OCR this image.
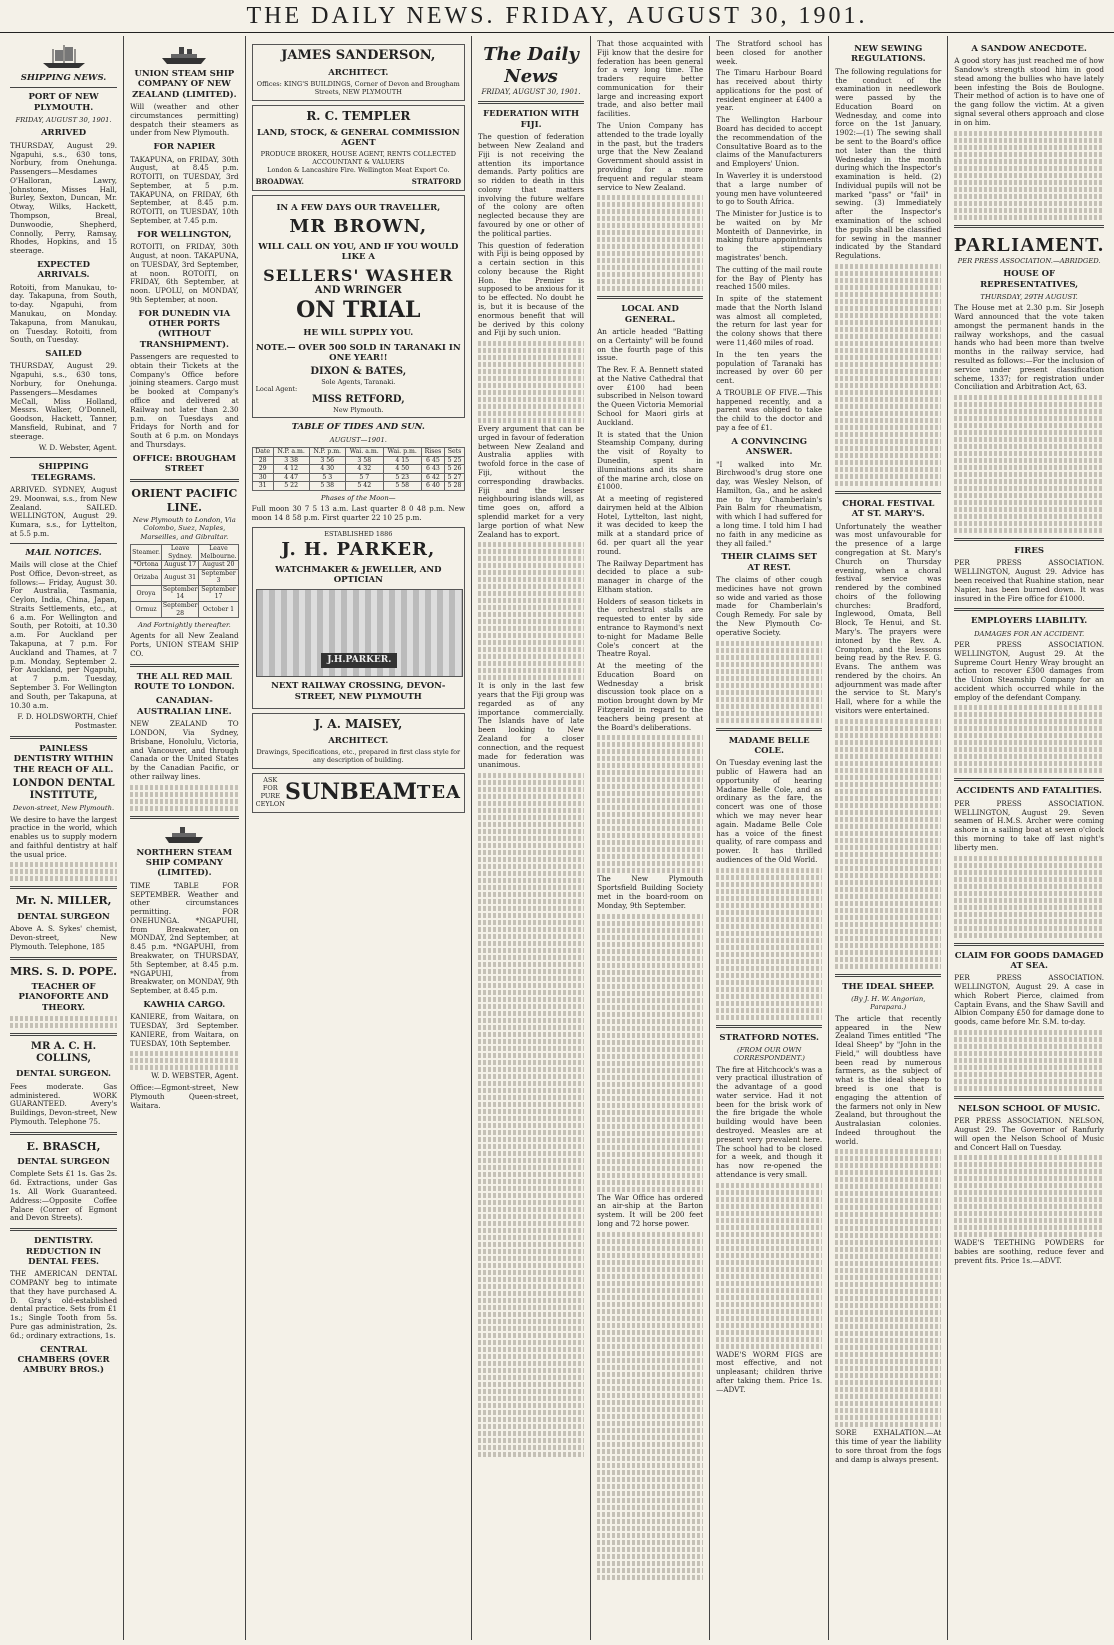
THE DAILY NEWS. FRIDAY, AUGUST 30, 1901.
SHIPPING NEWS.
PORT OF NEW PLYMOUTH.
FRIDAY, AUGUST 30, 1901.
ARRIVED

THURSDAY, August 29. Ngapuhi, s.s., 630 tons, Norbury, from Onehunga. Passengers—Mesdames O'Halloran, Lawry, Johnstone, Misses Hall, Burley, Sexton, Duncan, Mr. Otway, Wilks, Hackett, Thompson, Breal, Dunwoodie, Shepherd, Connolly, Perry, Ramsay, Rhodes, Hopkins, and 15 steerage.

EXPECTED ARRIVALS.

Rotoiti, from Manukau, to-day. Takapuna, from South, to-day. Ngapuhi, from Manukau, on Monday. Takapuna, from Manukau, on Tuesday. Rotoiti, from South, on Tuesday.

SAILED

THURSDAY, August 29. Ngapuhi, s.s., 630 tons, Norbury, for Onehunga. Passengers—Mesdames McCall, Miss Holland, Messrs. Walker, O'Donnell, Goodson, Hackett, Tanner, Mansfield, Rubinat, and 7 steerage.

W. D. Webster, Agent.

SHIPPING TELEGRAMS.

ARRIVED. SYDNEY, August 29. Moonwai, s.s., from New Zealand. SAILED. WELLINGTON, August 29. Kumara, s.s., for Lyttelton, at 5.5 p.m.

MAIL NOTICES.

Mails will close at the Chief Post Office, Devon-street, as follows:— Friday, August 30. For Australia, Tasmania, Ceylon, India, China, Japan, Straits Settlements, etc., at 6 a.m. For Wellington and South, per Rotoiti, at 10.30 a.m. For Auckland per Takapuna, at 7 p.m. For Auckland and Thames, at 7 p.m. Monday, September 2. For Auckland, per Ngapuhi, at 7 p.m. Tuesday, September 3. For Wellington and South, per Takapuna, at 10.30 a.m.

F. D. HOLDSWORTH, Chief Postmaster.

PAINLESS DENTISTRY WITHIN THE REACH OF ALL.
LONDON DENTAL INSTITUTE,
Devon-street, New Plymouth.

We desire to have the largest practice in the world, which enables us to supply modern and faithful dentistry at half the usual price.

Mr. N. MILLER,
DENTAL SURGEON

Above A. S. Sykes' chemist, Devon-street, New Plymouth. Telephone, 185

MRS. S. D. POPE.
TEACHER OF PIANOFORTE AND THEORY.
MR A. C. H. COLLINS,
DENTAL SURGEON.

Fees moderate. Gas administered. WORK GUARANTEED. Avery's Buildings, Devon-street, New Plymouth. Telephone 75.

E. BRASCH,
DENTAL SURGEON

Complete Sets £1 1s. Gas 2s. 6d. Extractions, under Gas 1s. All Work Guaranteed. Address:—Opposite Coffee Palace (Corner of Egmont and Devon Streets).

DENTISTRY. REDUCTION IN DENTAL FEES.

THE AMERICAN DENTAL COMPANY beg to intimate that they have purchased A. D. Gray's old-established dental practice. Sets from £1 1s.; Single Tooth from 5s. Pure gas administration, 2s. 6d.; ordinary extractions, 1s.

CENTRAL CHAMBERS (OVER AMBURY BROS.)
UNION STEAM SHIP COMPANY OF NEW ZEALAND (LIMITED).

Will (weather and other circumstances permitting) despatch their steamers as under from New Plymouth.

FOR NAPIER

TAKAPUNA, on FRIDAY, 30th August, at 8.45 p.m. ROTOITI, on TUESDAY, 3rd September, at 5 p.m. TAKAPUNA, on FRIDAY, 6th September, at 8.45 p.m. ROTOITI, on TUESDAY, 10th September, at 7.45 p.m.

FOR WELLINGTON,

ROTOITI, on FRIDAY, 30th August, at noon. TAKAPUNA, on TUESDAY, 3rd September, at noon. ROTOITI, on FRIDAY, 6th September, at noon. UPOLU, on MONDAY, 9th September, at noon.

FOR DUNEDIN VIA OTHER PORTS (WITHOUT TRANSHIPMENT).

Passengers are requested to obtain their Tickets at the Company's Office before joining steamers. Cargo must be booked at Company's office and delivered at Railway not later than 2.30 p.m. on Tuesdays and Fridays for North and for South at 6 p.m. on Mondays and Thursdays.

OFFICE: BROUGHAM STREET
ORIENT PACIFIC LINE.
New Plymouth to London, Via Colombo, Suez, Naples, Marseilles, and Gibraltar.
Steamer.	Leave Sydney.	Leave Melbourne.
*Ortona	August 17	August 20
Orizaba	August 31	September 3
Oroya	September 14	September 17
Ormuz	September 28	October 1
And Fortnightly thereafter.

Agents for all New Zealand Ports, UNION STEAM SHIP CO.

THE ALL RED MAIL ROUTE TO LONDON.
CANADIAN-AUSTRALIAN LINE.

NEW ZEALAND TO LONDON, Via Sydney, Brisbane, Honolulu, Victoria, and Vancouver, and through Canada or the United States by the Canadian Pacific, or other railway lines.

NORTHERN STEAM SHIP COMPANY (LIMITED).

TIME TABLE FOR SEPTEMBER. Weather and other circumstances permitting. FOR ONEHUNGA. *NGAPUHI, from Breakwater, on MONDAY, 2nd September, at 8.45 p.m. *NGAPUHI, from Breakwater, on THURSDAY, 5th September, at 8.45 p.m. *NGAPUHI, from Breakwater, on MONDAY, 9th September, at 8.45 p.m.

KAWHIA CARGO.

KANIERE, from Waitara, on TUESDAY, 3rd September. KANIERE, from Waitara, on TUESDAY, 10th September.

W. D. WEBSTER, Agent.

Office:—Egmont-street, New Plymouth Queen-street, Waitara.

JAMES SANDERSON,
ARCHITECT.
Offices: KING'S BUILDINGS, Corner of Devon and Brougham Streets, NEW PLYMOUTH
R. C. TEMPLER
LAND, STOCK, & GENERAL COMMISSION AGENT
PRODUCE BROKER, HOUSE AGENT, RENTS COLLECTED ACCOUNTANT & VALUERS
London & Lancashire Fire. Wellington Meat Export Co.
BROADWAY.	STRATFORD
IN A FEW DAYS OUR TRAVELLER,
MR BROWN,
WILL CALL ON YOU, AND IF YOU WOULD LIKE A
SELLERS' WASHER
AND WRINGER
ON TRIAL
HE WILL SUPPLY YOU.
NOTE.— OVER 500 SOLD IN TARANAKI IN ONE YEAR!!
DIXON & BATES,
Sole Agents, Taranaki.
Local Agent:
MISS RETFORD,
New Plymouth.
TABLE OF TIDES AND SUN.
AUGUST—1901.
Date	N.P. a.m.	N.P. p.m.	Wai. a.m.	Wai. p.m.	Rises	Sets
28	3 38	3 56	3 58	4 15	6 45	5 25
29	4 12	4 30	4 32	4 50	6 43	5 26
30	4 47	5 3	5 7	5 23	6 42	5 27
31	5 22	5 38	5 42	5 58	6 40	5 28
Phases of the Moon—

Full moon 30 7 5 13 a.m. Last quarter 8 0 48 p.m. New moon 14 8 58 p.m. First quarter 22 10 25 p.m.

ESTABLISHED 1886
J. H. PARKER,
WATCHMAKER & JEWELLER, AND OPTICIAN
J.H.PARKER.
NEXT RAILWAY CROSSING, DEVON-STREET, NEW PLYMOUTH
J. A. MAISEY,
ARCHITECT.
Drawings, Specifications, etc., prepared in first class style for any description of building.
ASK FOR
PURE CEYLON SUNBEAM TEA
The Daily News
FRIDAY, AUGUST 30, 1901.
FEDERATION WITH FIJI.

The question of federation between New Zealand and Fiji is not receiving the attention its importance demands. Party politics are so ridden to death in this colony that matters involving the future welfare of the colony are often neglected because they are favoured by one or other of the political parties.

This question of federation with Fiji is being opposed by a certain section in this colony because the Right Hon. the Premier is supposed to be anxious for it to be effected. No doubt he is, but it is because of the enormous benefit that will be derived by this colony and Fiji by such union.

Every argument that can be urged in favour of federation between New Zealand and Australia applies with twofold force in the case of Fiji, without the corresponding drawbacks. Fiji and the lesser neighbouring islands will, as time goes on, afford a splendid market for a very large portion of what New Zealand has to export.

It is only in the last few years that the Fiji group was regarded as of any importance commercially. The Islands have of late been looking to New Zealand for a closer connection, and the request made for federation was unanimous.

That those acquainted with Fiji know that the desire for federation has been general for a very long time. The traders require better communication for their large and increasing export trade, and also better mail facilities.

The Union Company has attended to the trade loyally in the past, but the traders urge that the New Zealand Government should assist in providing for a more frequent and regular steam service to New Zealand.

LOCAL AND GENERAL.

An article headed "Batting on a Certainty" will be found on the fourth page of this issue.

The Rev. F. A. Bennett stated at the Native Cathedral that over £100 had been subscribed in Nelson toward the Queen Victoria Memorial School for Maori girls at Auckland.

It is stated that the Union Steamship Company, during the visit of Royalty to Dunedin, spent in illuminations and its share of the marine arch, close on £1000.

At a meeting of registered dairymen held at the Albion Hotel, Lyttelton, last night, it was decided to keep the milk at a standard price of 6d. per quart all the year round.

The Railway Department has decided to place a sub-manager in charge of the Eltham station.

Holders of season tickets in the orchestral stalls are requested to enter by side entrance to Raymond's next to-night for Madame Belle Cole's concert at the Theatre Royal.

At the meeting of the Education Board on Wednesday a brisk discussion took place on a motion brought down by Mr Fitzgerald in regard to the teachers being present at the Board's deliberations.

The New Plymouth Sportsfield Building Society met in the board-room on Monday, 9th September.

The War Office has ordered an air-ship at the Barton system. It will be 200 feet long and 72 horse power.

The Stratford school has been closed for another week.

The Timaru Harbour Board has received about thirty applications for the post of resident engineer at £400 a year.

The Wellington Harbour Board has decided to accept the recommendation of the Consultative Board as to the claims of the Manufacturers and Employers' Union.

In Waverley it is understood that a large number of young men have volunteered to go to South Africa.

The Minister for Justice is to be waited on by Mr Monteith of Dannevirke, in making future appointments to the stipendiary magistrates' bench.

The cutting of the mail route for the Bay of Plenty has reached 1500 miles.

In spite of the statement made that the North Island was almost all completed, the return for last year for the colony shows that there were 11,460 miles of road.

In the ten years the population of Taranaki has increased by over 60 per cent.

A TROUBLE OF FIVE.—This happened recently, and a parent was obliged to take the child to the doctor and pay a fee of £1.

A CONVINCING ANSWER.

"I walked into Mr. Birchwood's drug store one day, was Wesley Nelson, of Hamilton, Ga., and he asked me to try Chamberlain's Pain Balm for rheumatism, with which I had suffered for a long time. I told him I had no faith in any medicine as they all failed."

THEIR CLAIMS SET AT REST.

The claims of other cough medicines have not grown so wide and varied as those made for Chamberlain's Cough Remedy. For sale by the New Plymouth Co-operative Society.

MADAME BELLE COLE.

On Tuesday evening last the public of Hawera had an opportunity of hearing Madame Belle Cole, and as ordinary as the fare, the concert was one of those which we may never hear again. Madame Belle Cole has a voice of the finest quality, of rare compass and power. It has thrilled audiences of the Old World.

STRATFORD NOTES.
(FROM OUR OWN CORRESPONDENT.)

The fire at Hitchcock's was a very practical illustration of the advantage of a good water service. Had it not been for the brisk work of the fire brigade the whole building would have been destroyed. Measles are at present very prevalent here. The school had to be closed for a week, and though it has now re-opened the attendance is very small.

WADE'S WORM FIGS are most effective, and not unpleasant; children thrive after taking them. Price 1s.—ADVT.

NEW SEWING REGULATIONS.

The following regulations for the conduct of the examination in needlework were passed by the Education Board on Wednesday, and come into force on the 1st January, 1902:—(1) The sewing shall be sent to the Board's office not later than the third Wednesday in the month during which the Inspector's examination is held. (2) Individual pupils will not be marked "pass" or "fail" in sewing. (3) Immediately after the Inspector's examination of the school the pupils shall be classified for sewing in the manner indicated by the Standard Regulations.

CHORAL FESTIVAL AT ST. MARY'S.

Unfortunately the weather was most unfavourable for the presence of a large congregation at St. Mary's Church on Thursday evening, when a choral festival service was rendered by the combined choirs of the following churches: Bradford, Inglewood, Omata, Bell Block, Te Henui, and St. Mary's. The prayers were intoned by the Rev. A. Crompton, and the lessons being read by the Rev. F. G. Evans. The anthem was rendered by the choirs. An adjournment was made after the service to St. Mary's Hall, where for a while the visitors were entertained.

THE IDEAL SHEEP.
(By J. H. W. Angorian, Parapara.)

The article that recently appeared in the New Zealand Times entitled "The Ideal Sheep" by "John in the Field," will doubtless have been read by numerous farmers, as the subject of what is the ideal sheep to breed is one that is engaging the attention of the farmers not only in New Zealand, but throughout the Australasian colonies. Indeed throughout the world.

SORE EXHALATION.—At this time of year the liability to sore throat from the fogs and damp is always present.

A SANDOW ANECDOTE.

A good story has just reached me of how Sandow's strength stood him in good stead among the bullies who have lately been infesting the Bois de Boulogne. Their method of action is to have one of the gang follow the victim. At a given signal several others approach and close in on him.

PARLIAMENT.
PER PRESS ASSOCIATION.—ABRIDGED.
HOUSE OF REPRESENTATIVES,
THURSDAY, 29TH AUGUST.

The House met at 2.30 p.m. Sir Joseph Ward announced that the vote taken amongst the permanent hands in the railway workshops, and the casual hands who had been more than twelve months in the railway service, had resulted as follows:—For the inclusion of service under present classification scheme, 1337; for registration under Conciliation and Arbitration Act, 63.

FIRES

PER PRESS ASSOCIATION. WELLINGTON, August 29. Advice has been received that Ruahine station, near Napier, has been burned down. It was insured in the Fire office for £1000.

EMPLOYERS LIABILITY.
DAMAGES FOR AN ACCIDENT.

PER PRESS ASSOCIATION. WELLINGTON, August 29. At the Supreme Court Henry Wray brought an action to recover £300 damages from the Union Steamship Company for an accident which occurred while in the employ of the defendant Company.

ACCIDENTS AND FATALITIES.

PER PRESS ASSOCIATION. WELLINGTON, August 29. Seven seamen of H.M.S. Archer were coming ashore in a sailing boat at seven o'clock this morning to take off last night's liberty men.

CLAIM FOR GOODS DAMAGED AT SEA.

PER PRESS ASSOCIATION. WELLINGTON, August 29. A case in which Robert Pierce, claimed from Captain Evans, and the Shaw Savill and Albion Company £50 for damage done to goods, came before Mr. S.M. to-day.

NELSON SCHOOL OF MUSIC.

PER PRESS ASSOCIATION. NELSON, August 29. The Governor of Ranfurly will open the Nelson School of Music and Concert Hall on Tuesday.

WADE'S TEETHING POWDERS for babies are soothing, reduce fever and prevent fits. Price 1s.—ADVT.
